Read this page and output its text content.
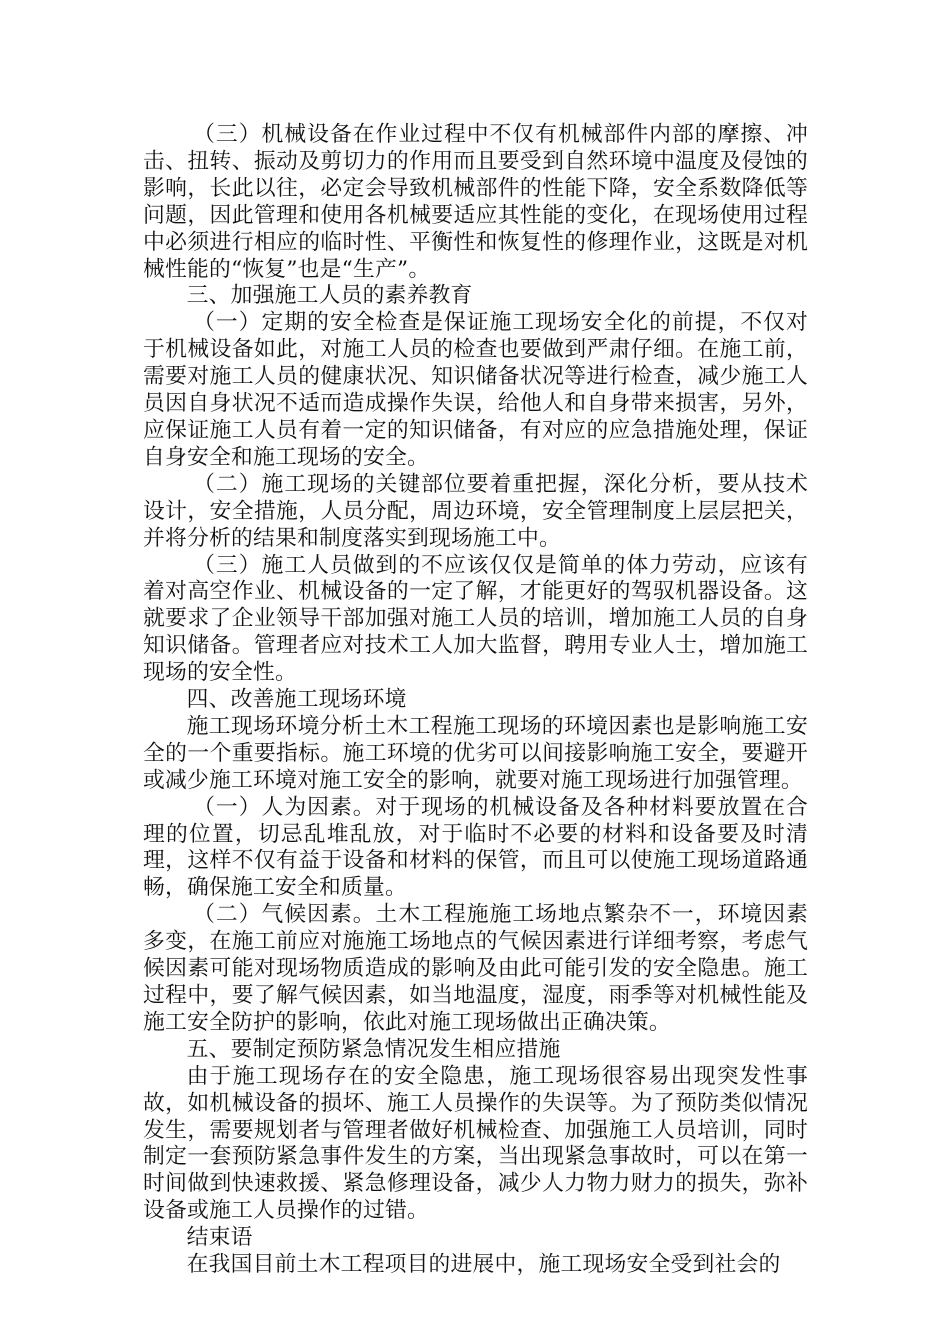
（三）机械设备在作业过程中不仅有机械部件内部的摩擦、冲击、扭转、振动及剪切力的作用而且要受到自然环境中温度及侵蚀的影响，长此以往，必定会导致机械部件的性能下降，安全系数降低等问题，因此管理和使用各机械要适应其性能的变化，在现场使用过程中必须进行相应的临时性、平衡性和恢复性的修理作业，这既是对机械性能的“恢复”也是“生产”。

三、加强施工人员的素养教育

（一）定期的安全检查是保证施工现场安全化的前提，不仅对于机械设备如此，对施工人员的检查也要做到严肃仔细。在施工前，需要对施工人员的健康状况、知识储备状况等进行检查，减少施工人员因自身状况不适而造成操作失误，给他人和自身带来损害，另外，应保证施工人员有着一定的知识储备，有对应的应急措施处理，保证自身安全和施工现场的安全。

（二）施工现场的关键部位要着重把握，深化分析，要从技术设计，安全措施，人员分配，周边环境，安全管理制度上层层把关，并将分析的结果和制度落实到现场施工中。

（三）施工人员做到的不应该仅仅是简单的体力劳动，应该有着对高空作业、机械设备的一定了解，才能更好的驾驭机器设备。这就要求了企业领导干部加强对施工人员的培训，增加施工人员的自身知识储备。管理者应对技术工人加大监督，聘用专业人士，增加施工现场的安全性。

四、改善施工现场环境

施工现场环境分析土木工程施工现场的环境因素也是影响施工安全的一个重要指标。施工环境的优劣可以间接影响施工安全，要避开或减少施工环境对施工安全的影响，就要对施工现场进行加强管理。

（一）人为因素。对于现场的机械设备及各种材料要放置在合理的位置，切忌乱堆乱放，对于临时不必要的材料和设备要及时清理，这样不仅有益于设备和材料的保管，而且可以使施工现场道路通畅，确保施工安全和质量。

（二）气候因素。土木工程施施工场地点繁杂不一，环境因素多变，在施工前应对施施工场地点的气候因素进行详细考察，考虑气候因素可能对现场物质造成的影响及由此可能引发的安全隐患。施工过程中，要了解气候因素，如当地温度，湿度，雨季等对机械性能及施工安全防护的影响，依此对施工现场做出正确决策。

五、要制定预防紧急情况发生相应措施

由于施工现场存在的安全隐患，施工现场很容易出现突发性事故，如机械设备的损坏、施工人员操作的失误等。为了预防类似情况发生，需要规划者与管理者做好机械检查、加强施工人员培训，同时制定一套预防紧急事件发生的方案，当出现紧急事故时，可以在第一时间做到快速救援、紧急修理设备，减少人力物力财力的损失，弥补设备或施工人员操作的过错。

结束语

在我国目前土木工程项目的进展中，施工现场安全受到社会的
